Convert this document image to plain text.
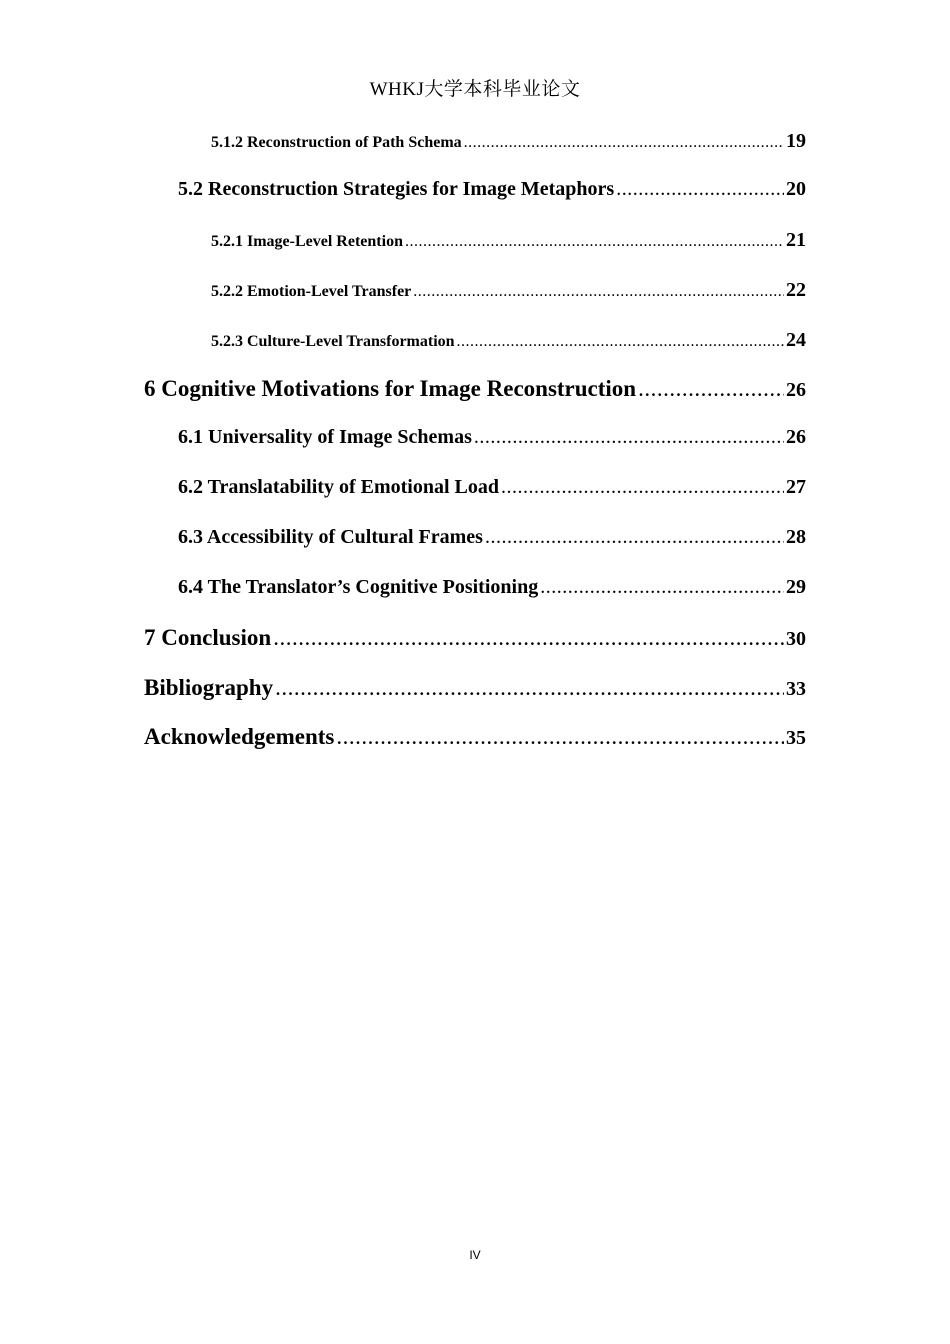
WHKJ大学本科毕业论文
5.1.2 Reconstruction of Path Schema .....	19
5.2 Reconstruction Strategies for Image Metaphors .....	20
5.2.1 Image-Level Retention .....	21
5.2.2 Emotion-Level Transfer .....	22
5.2.3 Culture-Level Transformation .....	24
6 Cognitive Motivations for Image Reconstruction .....	26
6.1 Universality of Image Schemas .....	26
6.2 Translatability of Emotional Load .....	27
6.3 Accessibility of Cultural Frames .....	28
6.4 The Translator’s Cognitive Positioning .....	29
7 Conclusion .....	30
Bibliography .....	33
Acknowledgements .....	35
IV
